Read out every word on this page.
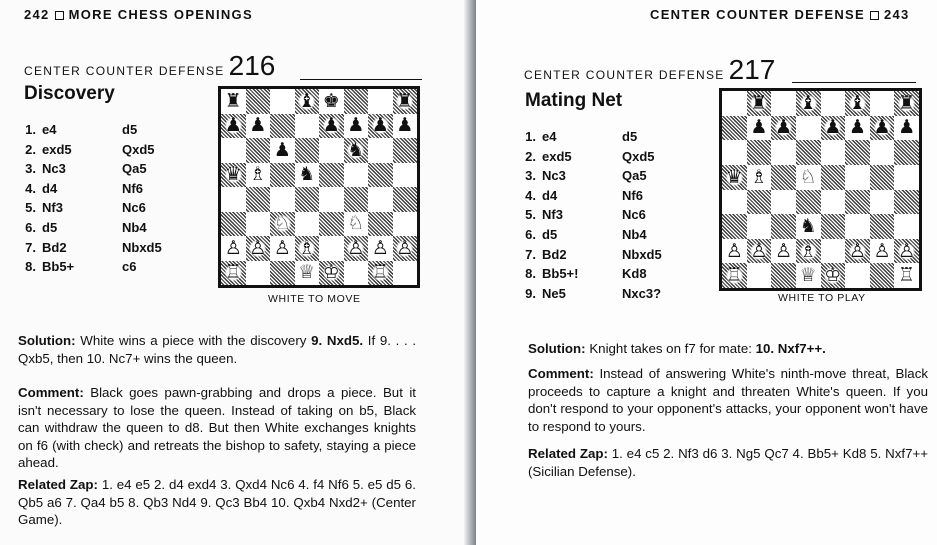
242 MORE CHESS OPENINGS
CENTER COUNTER DEFENSE 216
Discovery
1. e4	d5
2. exd5	Qxd5
3. Nc3	Qa5
4. d4	Nf6
5. Nf3	Nc6
6. d5	Nb4
7. Bd2	Nbxd5
8. Bb5+	c6
♜	♝ ♚	♜
♟ ♟	♟ ♟ ♟ ♟
♟	♞
♛ ♗ ♞
♘	♘
♙ ♙ ♙ ♗ ♙ ♙ ♙
♖	♕ ♔ ♖
WHITE TO MOVE
Solution: White wins a piece with the discovery 9. Nxd5. If 9. . . . Qxb5, then 10. Nc7+ wins the queen.
Comment: Black goes pawn-grabbing and drops a piece. But it isn't necessary to lose the queen. Instead of taking on b5, Black can withdraw the queen to d8. But then White exchanges knights on f6 (with check) and retreats the bishop to safety, staying a piece ahead.
Related Zap: 1. e4 e5 2. d4 exd4 3. Qxd4 Nc6 4. f4 Nf6 5. e5 d5 6. Qb5 a6 7. Qa4 b5 8. Qb3 Nd4 9. Qc3 Bb4 10. Qxb4 Nxd2+ (Center Game).
CENTER COUNTER DEFENSE 243
CENTER COUNTER DEFENSE 217
Mating Net
1. e4	d5
2. exd5	Qxd5
3. Nc3	Qa5
4. d4	Nf6
5. Nf3	Nc6
6. d5	Nb4
7. Bd2	Nbxd5
8. Bb5+!	Kd8
9. Ne5	Nxc3?
♜ ♝ ♝ ♜
♟ ♟ ♟ ♟ ♟ ♟
♛ ♗ ♘
♞
♙ ♙ ♙ ♗ ♙ ♙ ♙
♖	♕ ♔	♖
WHITE TO PLAY
Solution: Knight takes on f7 for mate: 10. Nxf7++.
Comment: Instead of answering White's ninth-move threat, Black proceeds to capture a knight and threaten White's queen. If you don't respond to your opponent's attacks, your opponent won't have to respond to yours.
Related Zap: 1. e4 c5 2. Nf3 d6 3. Ng5 Qc7 4. Bb5+ Kd8 5. Nxf7++ (Sicilian Defense).
